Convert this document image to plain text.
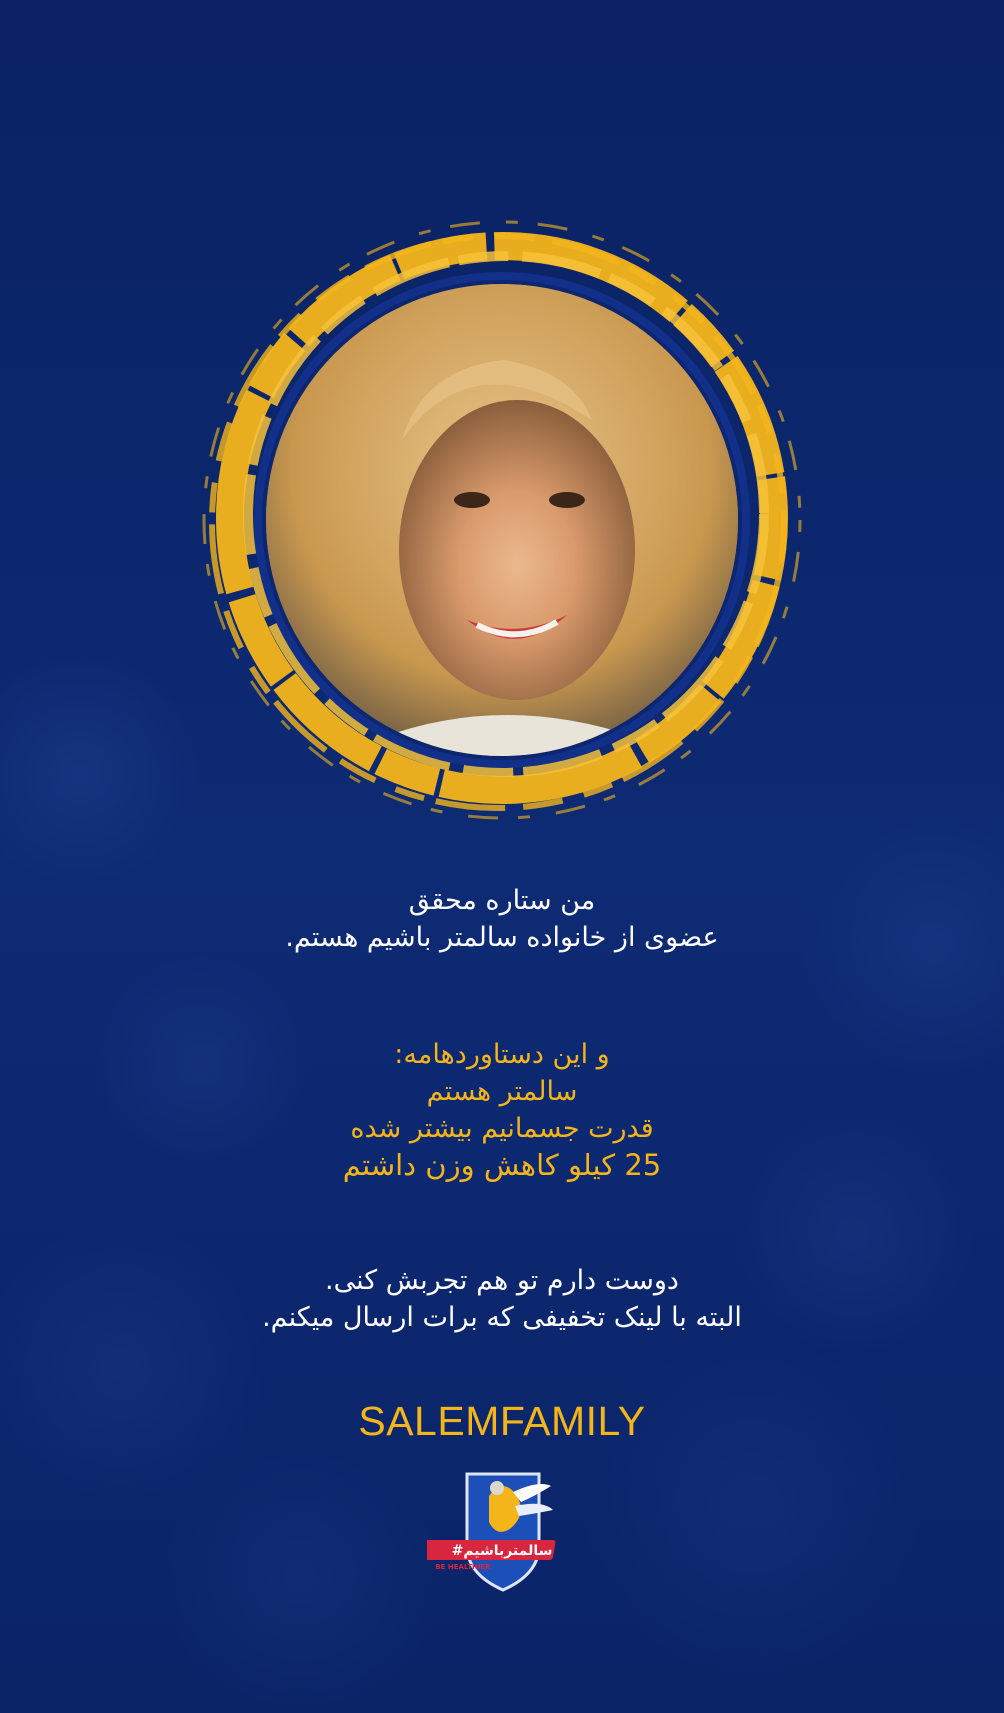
من ستاره محقق
عضوی از خانواده سالمتر باشیم هستم.
و این دستاوردهامه:
سالمتر هستم
قدرت جسمانیم بیشتر شده
25 کیلو کاهش وزن داشتم
دوست دارم تو هم تجربش کنی.
البته با لینک تخفیفی که برات ارسال میکنم.
SALEMFAMILY
#سالمترباشیم
BE HEALTHIER
